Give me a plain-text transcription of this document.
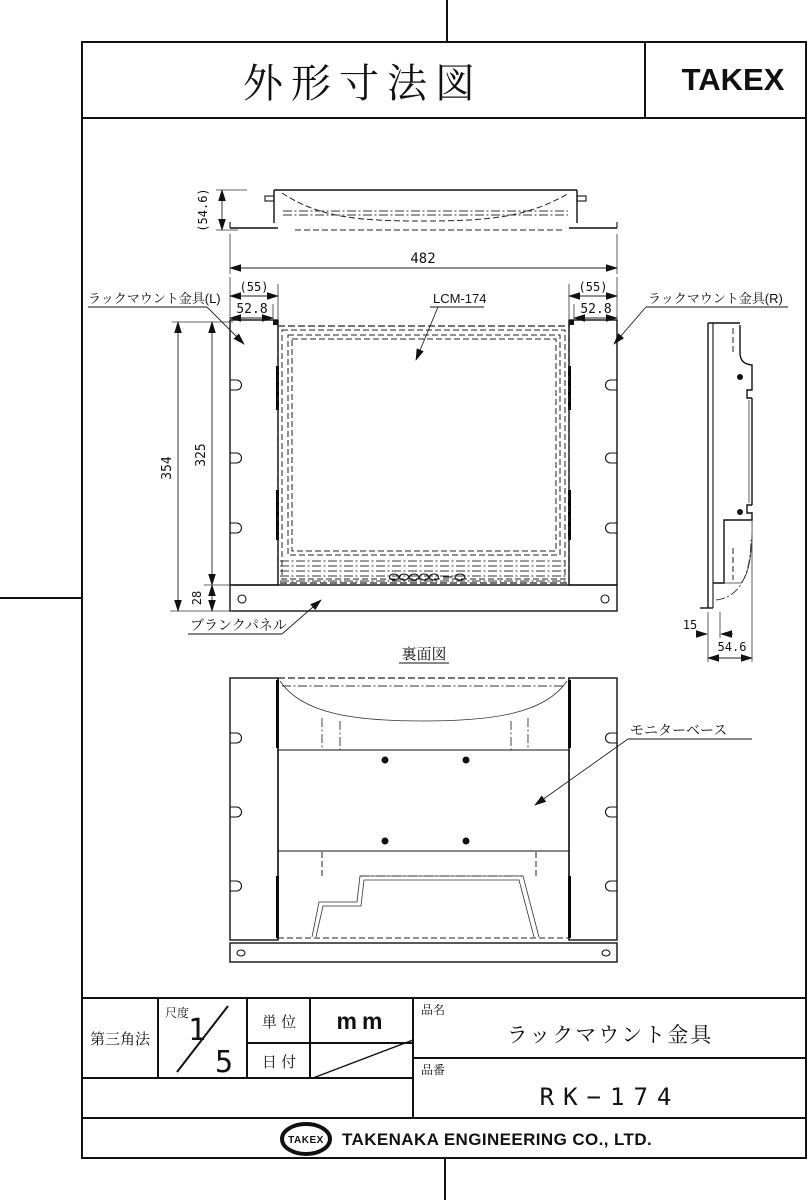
外形寸法図	TAKEX
(54.6)
482
(55)
52.8
(55)
52.8
354
325
28
ラックマウント金具(L)	LCM-174	ラックマウント金具(R)
ブランクパネル	15
54.6
裏面図
モニターベース
第三角法
尺度
1
5
単 位 mm
日 付
品名
ラックマウント金具
品番
RK−174
TAKEX TAKENAKA ENGINEERING CO., LTD.
